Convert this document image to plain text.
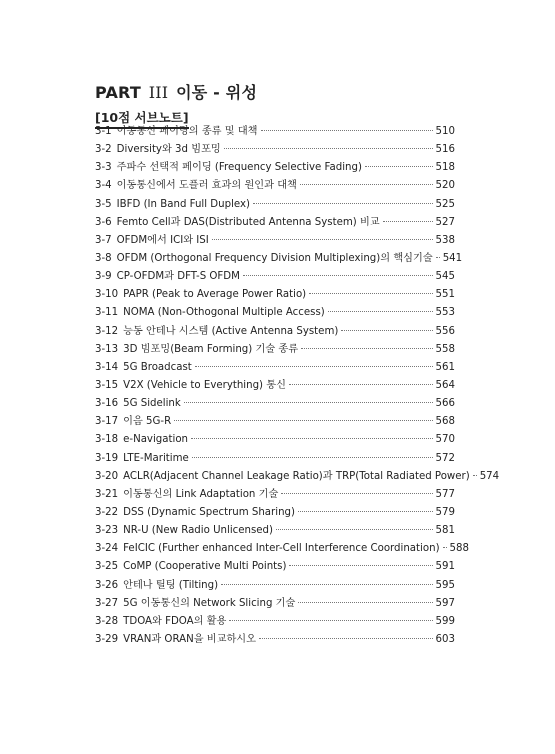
PART III 이동 - 위성
[10점 서브노트]
3-1 이동통신 페이딩의 종류 및 대책	510
3-2 Diversity와 3d 빔포밍	516
3-3 주파수 선택적 페이딩 (Frequency Selective Fading)	518
3-4 이동통신에서 도플러 효과의 원인과 대책	520
3-5 IBFD (In Band Full Duplex)	525
3-6 Femto Cell과 DAS(Distributed Antenna System) 비교	527
3-7 OFDM에서 ICI와 ISI	538
3-8 OFDM (Orthogonal Frequency Division Multiplexing)의 핵심기술 541
3-9 CP-OFDM과 DFT-S OFDM	545
3-10 PAPR (Peak to Average Power Ratio)	551
3-11 NOMA (Non-Othogonal Multiple Access)	553
3-12 능동 안테나 시스템 (Active Antenna System)	556
3-13 3D 빔포밍(Beam Forming) 기술 종류	558
3-14 5G Broadcast	561
3-15 V2X (Vehicle to Everything) 통신	564
3-16 5G Sidelink	566
3-17 이음 5G-R	568
3-18 e-Navigation	570
3-19 LTE-Maritime	572
3-20 ACLR(Adjacent Channel Leakage Ratio)과 TRP(Total Radiated Power) 574
3-21 이동통신의 Link Adaptation 기술	577
3-22 DSS (Dynamic Spectrum Sharing)	579
3-23 NR-U (New Radio Unlicensed)	581
3-24 FeICIC (Further enhanced Inter-Cell Interference Coordination) 588
3-25 CoMP (Cooperative Multi Points)	591
3-26 안테나 틸팅 (Tilting)	595
3-27 5G 이동통신의 Network Slicing 기술	597
3-28 TDOA와 FDOA의 활용	599
3-29 VRAN과 ORAN을 비교하시오	603
